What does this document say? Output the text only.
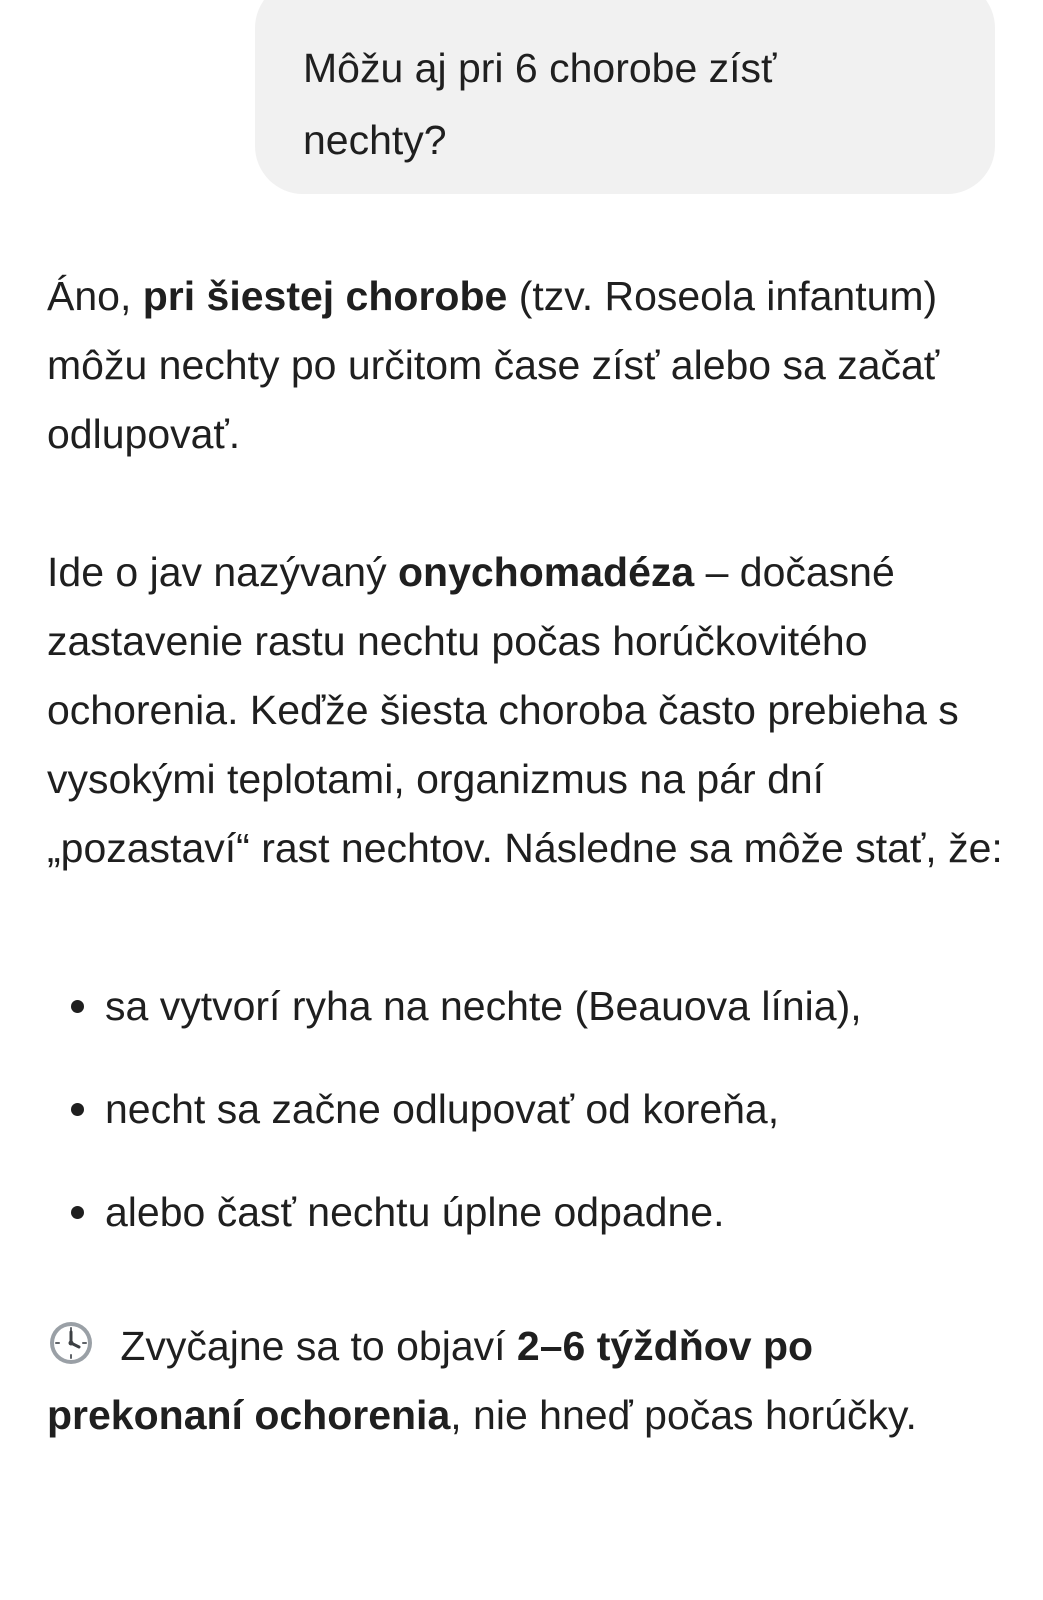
Môžu aj pri 6 chorobe zísť
nechty?

Áno, pri šiestej chorobe (tzv. Roseola infantum) môžu nechty po určitom čase zísť alebo sa začať odlupovať.

Ide o jav nazývaný onychomadéza – dočasné zastavenie rastu nechtu počas horúčkovitého ochorenia. Keďže šiesta choroba často prebieha s vysokými teplotami, organizmus na pár dní „pozastaví“ rast nechtov. Následne sa môže stať, že:

sa vytvorí ryha na nechte (Beauova línia),
necht sa začne odlupovať od koreňa,
alebo časť nechtu úplne odpadne.

Zvyčajne sa to objaví 2–6 týždňov po prekonaní ochorenia, nie hneď počas horúčky.
